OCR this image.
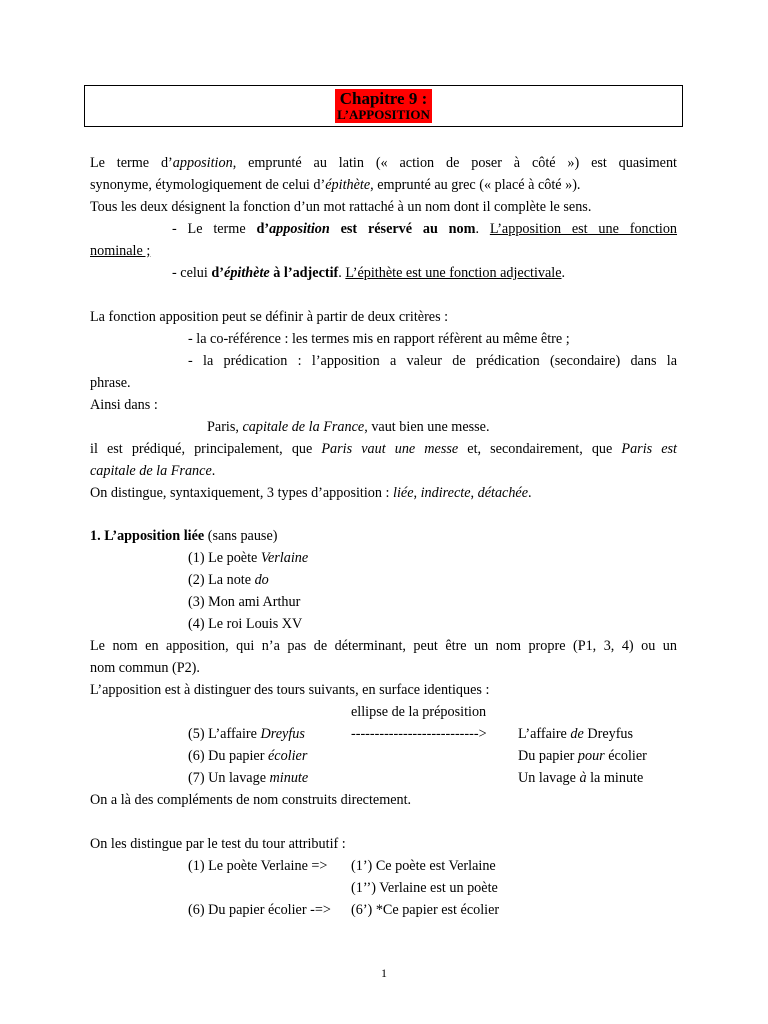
Chapitre 9 :
L’APPOSITION
Le terme d’apposition, emprunté au latin (« action de poser à côté ») est quasiment
synonyme, étymologiquement de celui d’épithète, emprunté au grec (« placé à côté »).
Tous les deux désignent la fonction d’un mot rattaché à un nom dont il complète le sens.
- Le terme d’apposition est réservé au nom. L’apposition est une fonction
nominale ;
- celui d’épithète à l’adjectif. L’épithète est une fonction adjectivale.
La fonction apposition peut se définir à partir de deux critères :
- la co-référence : les termes mis en rapport réfèrent au même être ;
- la prédication : l’apposition a valeur de prédication (secondaire) dans la
phrase.
Ainsi dans :
Paris, capitale de la France, vaut bien une messe.
il est prédiqué, principalement, que Paris vaut une messe et, secondairement, que Paris est
capitale de la France.
On distingue, syntaxiquement, 3 types d’apposition : liée, indirecte, détachée.
1. L’apposition liée (sans pause)
(1) Le poète Verlaine
(2) La note do
(3) Mon ami Arthur
(4) Le roi Louis XV
Le nom en apposition, qui n’a pas de déterminant, peut être un nom propre (P1, 3, 4) ou un
nom commun (P2).
L’apposition est à distinguer des tours suivants, en surface identiques :
ellipse de la préposition
(5) L’affaire Dreyfus	---------------------------> L’affaire de Dreyfus
(6) Du papier écolier	Du papier pour écolier
(7) Un lavage minute	Un lavage à la minute
On a là des compléments de nom construits directement.
On les distingue par le test du tour attributif :
(1) Le poète Verlaine => (1’) Ce poète est Verlaine
(1’’) Verlaine est un poète
(6) Du papier écolier -=> (6’) *Ce papier est écolier
1
